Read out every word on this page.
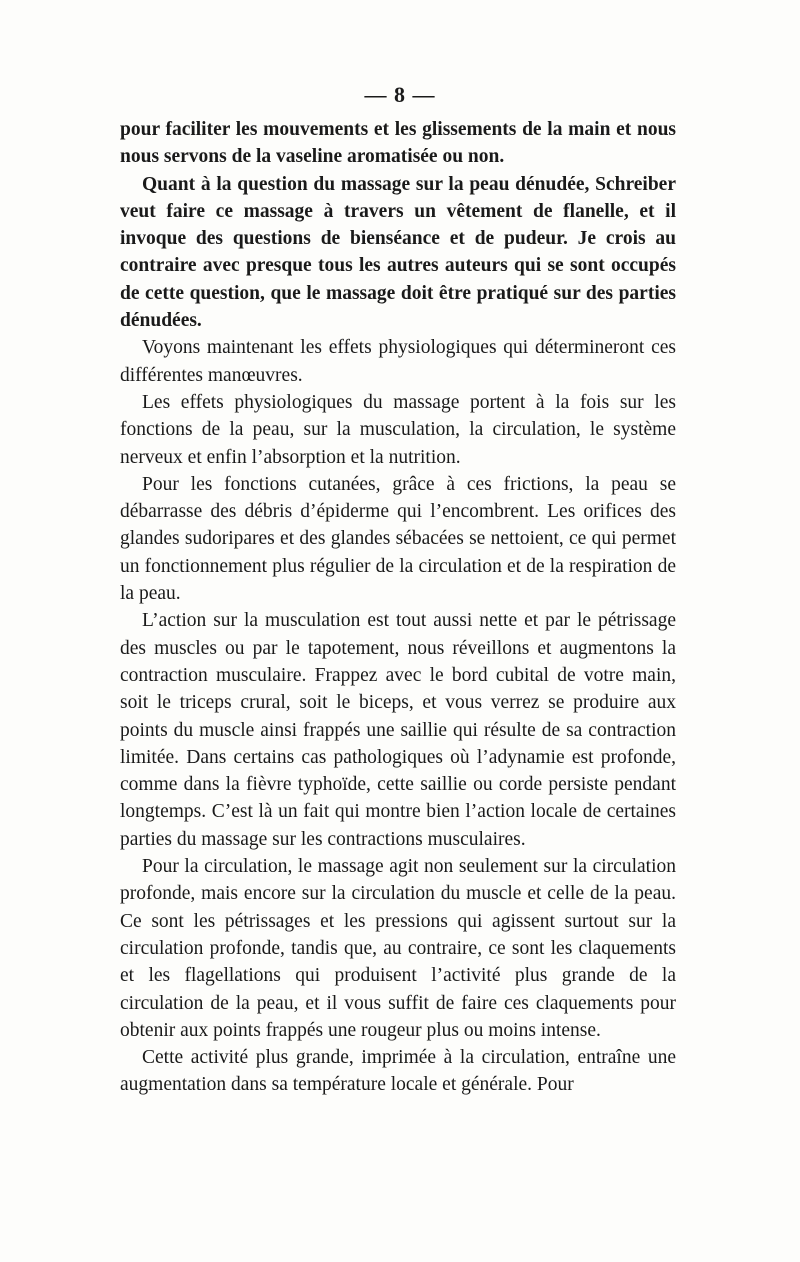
— 8 —

pour faciliter les mouvements et les glissements de la main et nous nous servons de la vaseline aromatisée ou non.

Quant à la question du massage sur la peau dénudée, Schreiber veut faire ce massage à travers un vêtement de flanelle, et il invoque des questions de bienséance et de pudeur. Je crois au contraire avec presque tous les autres auteurs qui se sont occupés de cette question, que le massage doit être pratiqué sur des parties dénudées.

Voyons maintenant les effets physiologiques qui détermineront ces différentes manœuvres.

Les effets physiologiques du massage portent à la fois sur les fonctions de la peau, sur la musculation, la circulation, le système nerveux et enfin l’absorption et la nutrition.

Pour les fonctions cutanées, grâce à ces frictions, la peau se débarrasse des débris d’épiderme qui l’encombrent. Les orifices des glandes sudoripares et des glandes sébacées se nettoient, ce qui permet un fonctionnement plus régulier de la circulation et de la respiration de la peau.

L’action sur la musculation est tout aussi nette et par le pétrissage des muscles ou par le tapotement, nous réveillons et augmentons la contraction musculaire. Frappez avec le bord cubital de votre main, soit le triceps crural, soit le biceps, et vous verrez se produire aux points du muscle ainsi frappés une saillie qui résulte de sa contraction limitée. Dans certains cas pathologiques où l’adynamie est profonde, comme dans la fièvre typhoïde, cette saillie ou corde persiste pendant longtemps. C’est là un fait qui montre bien l’action locale de certaines parties du massage sur les contractions musculaires.

Pour la circulation, le massage agit non seulement sur la circulation profonde, mais encore sur la circulation du muscle et celle de la peau. Ce sont les pétrissages et les pressions qui agissent surtout sur la circulation profonde, tandis que, au contraire, ce sont les claquements et les flagellations qui produisent l’activité plus grande de la circulation de la peau, et il vous suffit de faire ces claquements pour obtenir aux points frappés une rougeur plus ou moins intense.

Cette activité plus grande, imprimée à la circulation, entraîne une augmentation dans sa température locale et générale. Pour
